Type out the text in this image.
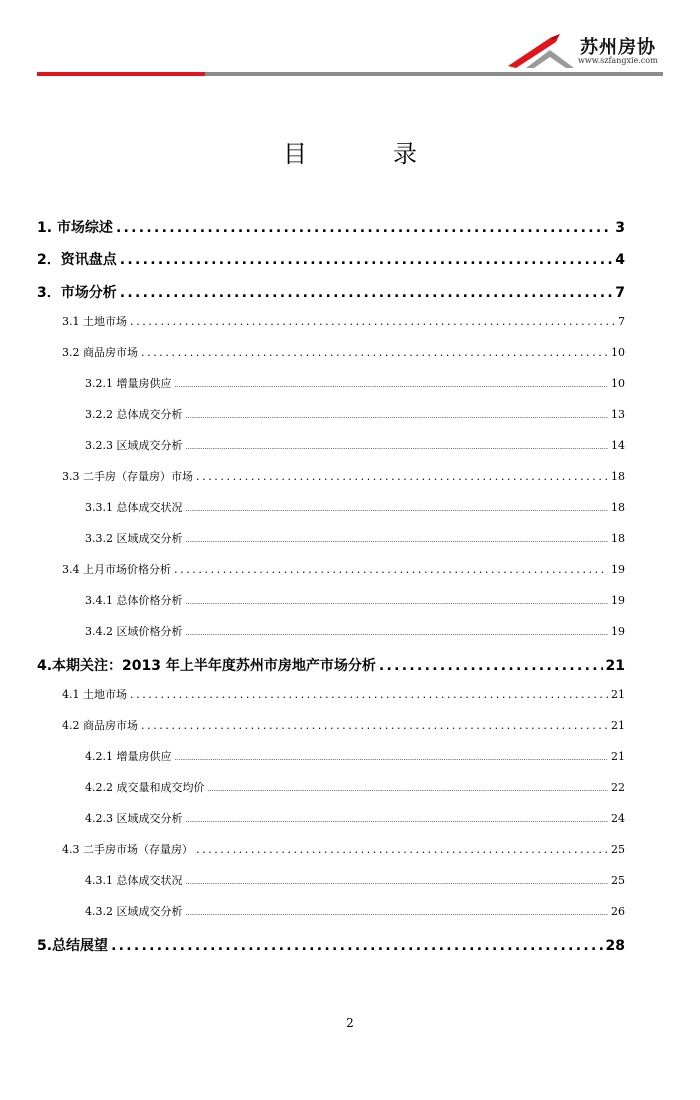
苏州房协
www.szfangxie.com
目	录
1. 市场综述 .....	3
2．资讯盘点 .....	4
3．市场分析 .....	7
3.1 土地市场 .....	7
3.2 商品房市场 .....	10
3.2.1 增量房供应 .....	10
3.2.2 总体成交分析 .....	13
3.2.3 区域成交分析 .....	14
3.3 二手房（存量房）市场 .....	18
3.3.1 总体成交状况 .....	18
3.3.2 区域成交分析 .....	18
3.4 上月市场价格分析 .....	19
3.4.1 总体价格分析 .....	19
3.4.2 区域价格分析 .....	19
4.本期关注：2013 年上半年度苏州市房地产市场分析 .....	21
4.1 土地市场 .....	21
4.2 商品房市场 .....	21
4.2.1 增量房供应 .....	21
4.2.2 成交量和成交均价 .....	22
4.2.3 区域成交分析 .....	24
4.3 二手房市场（存量房） .....	25
4.3.1 总体成交状况 .....	25
4.3.2 区域成交分析 .....	26
5.总结展望 .....	28
2
